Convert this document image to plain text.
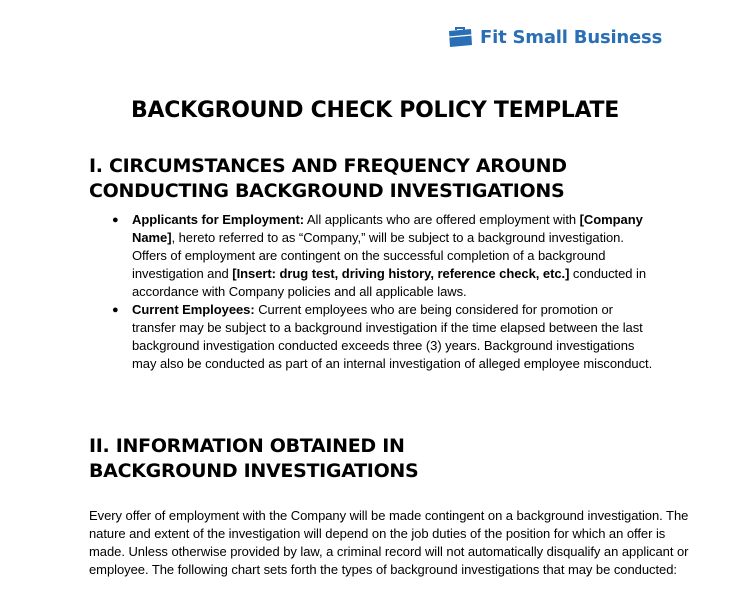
Fit Small Business
BACKGROUND CHECK POLICY TEMPLATE
I. CIRCUMSTANCES AND FREQUENCY AROUND CONDUCTING BACKGROUND INVESTIGATIONS
● Applicants for Employment: All applicants who are offered employment with [Company Name], hereto referred to as “Company,” will be subject to a background investigation. Offers of employment are contingent on the successful completion of a background investigation and [Insert: drug test, driving history, reference check, etc.] conducted in accordance with Company policies and all applicable laws.
● Current Employees: Current employees who are being considered for promotion or transfer may be subject to a background investigation if the time elapsed between the last background investigation conducted exceeds three (3) years. Background investigations may also be conducted as part of an internal investigation of alleged employee misconduct.
II. INFORMATION OBTAINED IN BACKGROUND INVESTIGATIONS

Every offer of employment with the Company will be made contingent on a background investigation. The nature and extent of the investigation will depend on the job duties of the position for which an offer is made. Unless otherwise provided by law, a criminal record will not automatically disqualify an applicant or employee. The following chart sets forth the types of background investigations that may be conducted:
